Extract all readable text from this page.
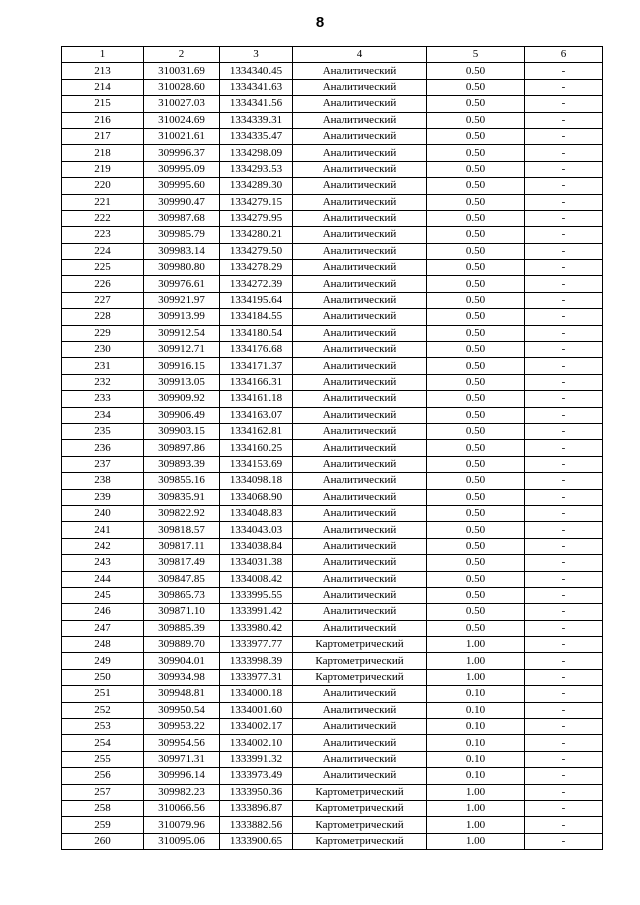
8
1	2	3	4	5	6
213	310031.69	1334340.45	Аналитический	0.50	-
214	310028.60	1334341.63	Аналитический	0.50	-
215	310027.03	1334341.56	Аналитический	0.50	-
216	310024.69	1334339.31	Аналитический	0.50	-
217	310021.61	1334335.47	Аналитический	0.50	-
218	309996.37	1334298.09	Аналитический	0.50	-
219	309995.09	1334293.53	Аналитический	0.50	-
220	309995.60	1334289.30	Аналитический	0.50	-
221	309990.47	1334279.15	Аналитический	0.50	-
222	309987.68	1334279.95	Аналитический	0.50	-
223	309985.79	1334280.21	Аналитический	0.50	-
224	309983.14	1334279.50	Аналитический	0.50	-
225	309980.80	1334278.29	Аналитический	0.50	-
226	309976.61	1334272.39	Аналитический	0.50	-
227	309921.97	1334195.64	Аналитический	0.50	-
228	309913.99	1334184.55	Аналитический	0.50	-
229	309912.54	1334180.54	Аналитический	0.50	-
230	309912.71	1334176.68	Аналитический	0.50	-
231	309916.15	1334171.37	Аналитический	0.50	-
232	309913.05	1334166.31	Аналитический	0.50	-
233	309909.92	1334161.18	Аналитический	0.50	-
234	309906.49	1334163.07	Аналитический	0.50	-
235	309903.15	1334162.81	Аналитический	0.50	-
236	309897.86	1334160.25	Аналитический	0.50	-
237	309893.39	1334153.69	Аналитический	0.50	-
238	309855.16	1334098.18	Аналитический	0.50	-
239	309835.91	1334068.90	Аналитический	0.50	-
240	309822.92	1334048.83	Аналитический	0.50	-
241	309818.57	1334043.03	Аналитический	0.50	-
242	309817.11	1334038.84	Аналитический	0.50	-
243	309817.49	1334031.38	Аналитический	0.50	-
244	309847.85	1334008.42	Аналитический	0.50	-
245	309865.73	1333995.55	Аналитический	0.50	-
246	309871.10	1333991.42	Аналитический	0.50	-
247	309885.39	1333980.42	Аналитический	0.50	-
248	309889.70	1333977.77	Картометрический	1.00	-
249	309904.01	1333998.39	Картометрический	1.00	-
250	309934.98	1333977.31	Картометрический	1.00	-
251	309948.81	1334000.18	Аналитический	0.10	-
252	309950.54	1334001.60	Аналитический	0.10	-
253	309953.22	1334002.17	Аналитический	0.10	-
254	309954.56	1334002.10	Аналитический	0.10	-
255	309971.31	1333991.32	Аналитический	0.10	-
256	309996.14	1333973.49	Аналитический	0.10	-
257	309982.23	1333950.36	Картометрический	1.00	-
258	310066.56	1333896.87	Картометрический	1.00	-
259	310079.96	1333882.56	Картометрический	1.00	-
260	310095.06	1333900.65	Картометрический	1.00	-
